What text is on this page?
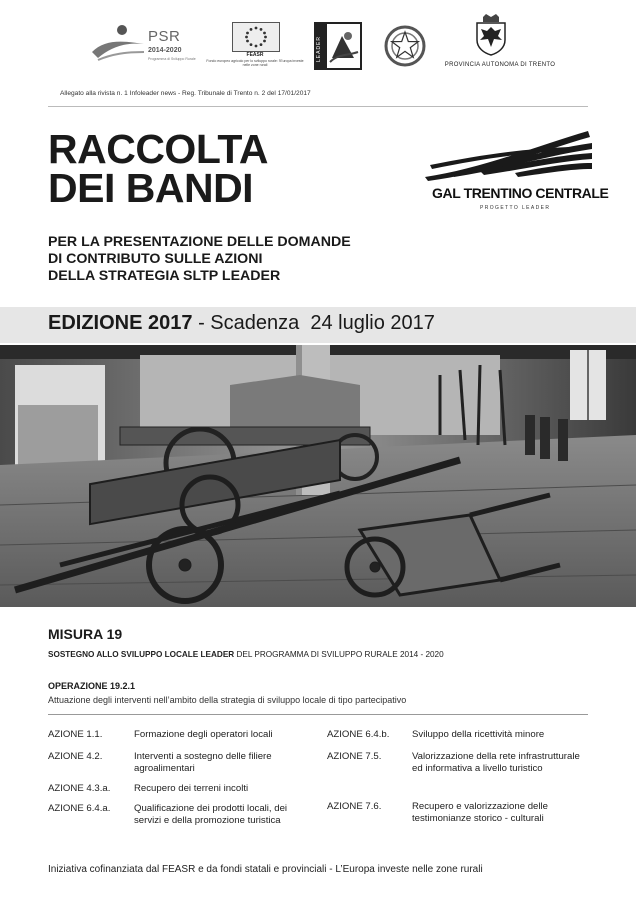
PSR
2014-2020
Programma di Sviluppo Rurale
FEASR
Fondo europeo agricolo per lo sviluppo rurale: l'Europa investe nelle zone rurali
LEADER
PROVINCIA AUTONOMA DI TRENTO
Allegato alla rivista n. 1 Infoleader news - Reg. Tribunale di Trento n. 2 del 17/01/2017
RACCOLTA
DEI BANDI
PER LA PRESENTAZIONE DELLE DOMANDE
DI CONTRIBUTO SULLE AZIONI
DELLA STRATEGIA SLTP LEADER
GAL TRENTINO CENTRALE
PROGETTO LEADER
EDIZIONE 2017 - Scadenza 24 luglio 2017
MISURA 19
SOSTEGNO ALLO SVILUPPO LOCALE LEADER DEL PROGRAMMA DI SVILUPPO RURALE 2014 - 2020
OPERAZIONE 19.2.1
Attuazione degli interventi nell’ambito della strategia di sviluppo locale di tipo partecipativo
AZIONE 1.1.	Formazione degli operatori locali
AZIONE 4.2.	Interventi a sostegno delle filiere agroalimentari
AZIONE 4.3.a. Recupero dei terreni incolti
AZIONE 6.4.a. Qualificazione dei prodotti locali, dei servizi e della promozione turistica
AZIONE 6.4.b. Sviluppo della ricettività minore
AZIONE 7.5.	Valorizzazione della rete infrastrutturale ed informativa a livello turistico
AZIONE 7.6.	Recupero e valorizzazione delle testimonianze storico - culturali
Iniziativa cofinanziata dal FEASR e da fondi statali e provinciali - L’Europa investe nelle zone rurali
